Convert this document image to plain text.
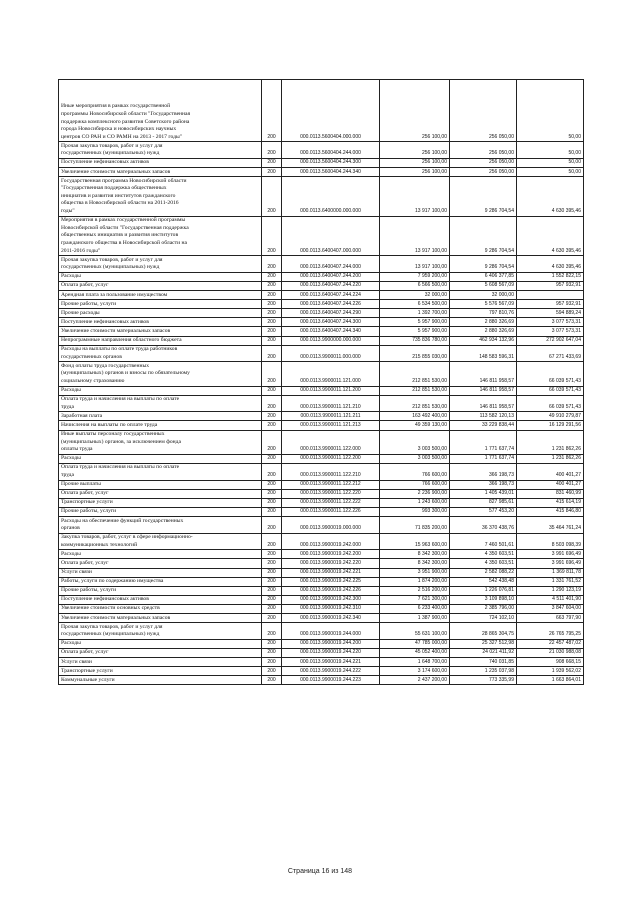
Иные мероприятия в рамках государственной
программы Новосибирской области "Государственная
поддержка комплексного развития Советского района
города Новосибирска и новосибирских научных
центров СО РАН и СО РАМН на 2013 - 2017 годы"	200	000.0113.5600404.000.000	256 100,00	256 050,00	50,00
Прочая закупка товаров, работ и услуг для
государственных (муниципальных) нужд	200	000.0113.5600404.244.000	256 100,00	256 050,00	50,00
Поступление нефинансовых активов	200	000.0113.5600404.244.300	256 100,00	256 050,00	50,00
Увеличение стоимости материальных запасов	200	000.0113.5600404.244.340	256 100,00	256 050,00	50,00
Государственная программа Новосибирской области
"Государственная поддержка общественных
инициатив и развития институтов гражданского
общества в Новосибирской области на 2011-2016
годы"	200	000.0113.6400000.000.000	13 917 100,00	9 286 704,54	4 630 395,46
Мероприятия в рамках государственной программы
Новосибирской области "Государственная поддержка
общественных инициатив и развития институтов
гражданского общества в Новосибирской области на
2011-2016 годы"	200	000.0113.6400407.000.000	13 917 100,00	9 286 704,54	4 630 395,46
Прочая закупка товаров, работ и услуг для
государственных (муниципальных) нужд	200	000.0113.6400407.244.000	13 917 100,00	9 286 704,54	4 630 395,46
Расходы	200	000.0113.6400407.244.200	7 959 200,00	6 406 377,85	1 552 822,15
Оплата работ, услуг	200	000.0113.6400407.244.220	6 566 500,00	5 608 567,09	957 932,91
Арендная плата за пользование имуществом	200	000.0113.6400407.244.224	32 000,00	32 000,00	
Прочие работы, услуги	200	000.0113.6400407.244.226	6 534 500,00	5 576 567,09	957 932,91
Прочие расходы	200	000.0113.6400407.244.290	1 392 700,00	797 810,76	594 889,24
Поступление нефинансовых активов	200	000.0113.6400407.244.300	5 957 900,00	2 880 326,69	3 077 573,31
Увеличение стоимости материальных запасов	200	000.0113.6400407.244.340	5 957 900,00	2 880 326,69	3 077 573,31
Непрограммные направления областного бюджета	200	000.0113.9900000.000.000	735 836 780,00	462 934 132,96	272 902 647,04
Расходы на выплаты по оплате труда работников
государственных органов	200	000.0113.9900011.000.000	215 855 030,00	148 583 596,31	67 271 433,69
Фонд оплаты труда государственных
(муниципальных) органов и взносы по обязательному
социальному страхованию	200	000.0113.9900011.121.000	212 851 530,00	146 811 958,57	66 039 571,43
Расходы	200	000.0113.9900011.121.200	212 851 530,00	146 811 958,57	66 039 571,43
Оплата труда и начисления на выплаты по оплате
труда	200	000.0113.9900011.121.210	212 851 530,00	146 811 958,57	66 039 571,43
Заработная плата	200	000.0113.9900011.121.211	163 492 400,00	113 582 120,13	49 910 279,87
Начисления на выплаты по оплате труда	200	000.0113.9900011.121.213	49 359 130,00	33 229 838,44	16 129 291,56
Иные выплаты персоналу государственных
(муниципальных) органов, за исключением фонда
оплаты труда	200	000.0113.9900011.122.000	3 003 500,00	1 771 637,74	1 231 862,26
Расходы	200	000.0113.9900011.122.200	3 003 500,00	1 771 637,74	1 231 862,26
Оплата труда и начисления на выплаты по оплате
труда	200	000.0113.9900011.122.210	766 600,00	366 198,73	400 401,27
Прочие выплаты	200	000.0113.9900011.122.212	766 600,00	366 198,73	400 401,27
Оплата работ, услуг	200	000.0113.9900011.122.220	2 236 900,00	1 405 439,01	831 460,99
Транспортные услуги	200	000.0113.9900011.122.222	1 243 600,00	827 985,61	415 614,19
Прочие работы, услуги	200	000.0113.9900011.122.226	993 300,00	577 453,20	415 846,80
Расходы на обеспечение функций государственных
органов	200	000.0113.9900019.000.000	71 835 200,00	36 370 438,76	35 464 761,24
Закупка товаров, работ, услуг в сфере информационно-
коммуникационных технологий	200	000.0113.9900019.242.000	15 963 600,00	7 460 501,61	8 503 098,39
Расходы	200	000.0113.9900019.242.200	8 342 300,00	4 350 603,51	3 991 696,49
Оплата работ, услуг	200	000.0113.9900019.242.220	8 342 300,00	4 350 603,51	3 991 696,49
Услуги связи	200	000.0113.9900019.242.221	3 951 900,00	2 582 088,22	1 369 811,78
Работы, услуги по содержанию имущества	200	000.0113.9900019.242.225	1 874 200,00	542 438,48	1 331 761,52
Прочие работы, услуги	200	000.0113.9900019.242.226	2 516 200,00	1 226 076,81	1 290 123,19
Поступление нефинансовых активов	200	000.0113.9900019.242.300	7 621 300,00	3 109 898,10	4 511 401,90
Увеличение стоимости основных средств	200	000.0113.9900019.242.310	6 233 400,00	2 385 796,00	3 847 604,00
Увеличение стоимости материальных запасов	200	000.0113.9900019.242.340	1 387 900,00	724 102,10	663 797,90
Прочая закупка товаров, работ и услуг для
государственных (муниципальных) нужд	200	000.0113.9900019.244.000	55 631 100,00	28 865 304,75	26 765 795,25
Расходы	200	000.0113.9900019.244.200	47 785 000,00	25 327 512,98	22 457 487,02
Оплата работ, услуг	200	000.0113.9900019.244.220	45 052 400,00	24 021 411,92	21 030 988,08
Услуги связи	200	000.0113.9900019.244.221	1 648 700,00	740 031,85	908 668,15
Транспортные услуги	200	000.0113.9900019.244.222	3 174 600,00	1 235 037,98	1 939 562,02
Коммунальные услуги	200	000.0113.9900019.244.223	2 437 200,00	773 335,99	1 663 864,01
Страница 16 из 148
